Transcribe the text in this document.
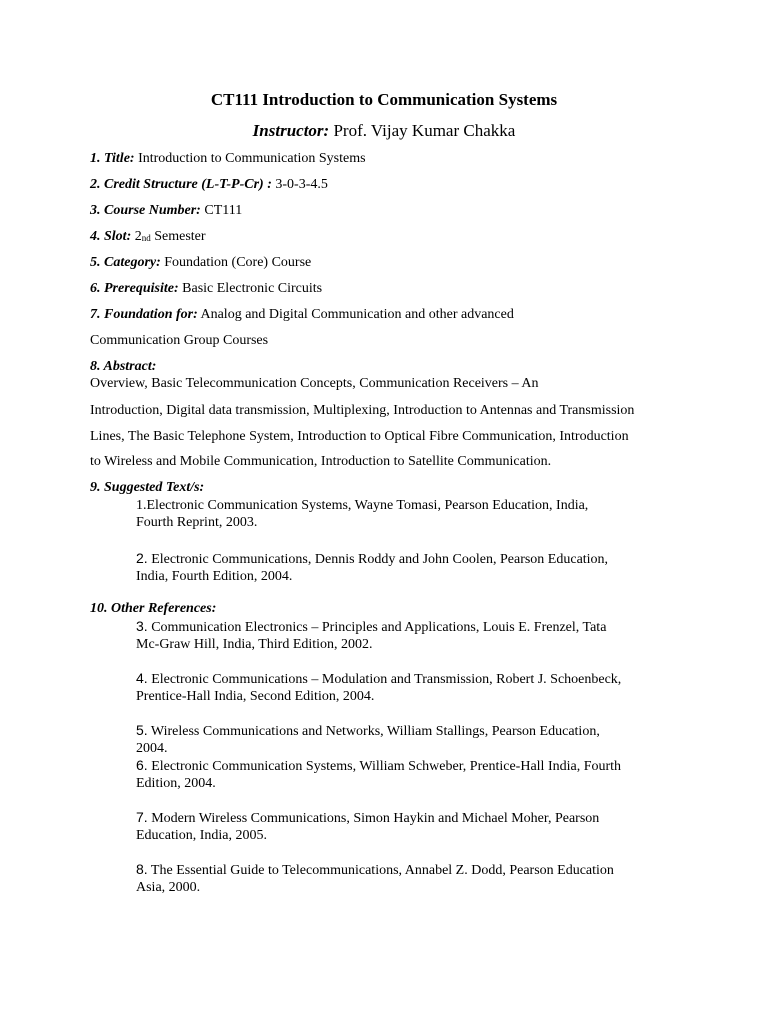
CT111 Introduction to Communication Systems
Instructor: Prof. Vijay Kumar Chakka
1. Title: Introduction to Communication Systems
2. Credit Structure (L-T-P-Cr) : 3-0-3-4.5
3. Course Number: CT111
4. Slot: 2nd Semester
5. Category: Foundation (Core) Course
6. Prerequisite: Basic Electronic Circuits
7. Foundation for: Analog and Digital Communication and other advanced
Communication Group Courses
8. Abstract:
Overview, Basic Telecommunication Concepts, Communication Receivers – An
Introduction, Digital data transmission, Multiplexing, Introduction to Antennas and Transmission
Lines, The Basic Telephone System, Introduction to Optical Fibre Communication, Introduction
to Wireless and Mobile Communication, Introduction to Satellite Communication.
9. Suggested Text/s:
1.Electronic Communication Systems, Wayne Tomasi, Pearson Education, India,
Fourth Reprint, 2003.
2. Electronic Communications, Dennis Roddy and John Coolen, Pearson Education,
India, Fourth Edition, 2004.
10. Other References:
3. Communication Electronics – Principles and Applications, Louis E. Frenzel, Tata
Mc-Graw Hill, India, Third Edition, 2002.
4. Electronic Communications – Modulation and Transmission, Robert J. Schoenbeck,
Prentice-Hall India, Second Edition, 2004.
5. Wireless Communications and Networks, William Stallings, Pearson Education,
2004.
6. Electronic Communication Systems, William Schweber, Prentice-Hall India, Fourth
Edition, 2004.
7. Modern Wireless Communications, Simon Haykin and Michael Moher, Pearson
Education, India, 2005.
8. The Essential Guide to Telecommunications, Annabel Z. Dodd, Pearson Education
Asia, 2000.
